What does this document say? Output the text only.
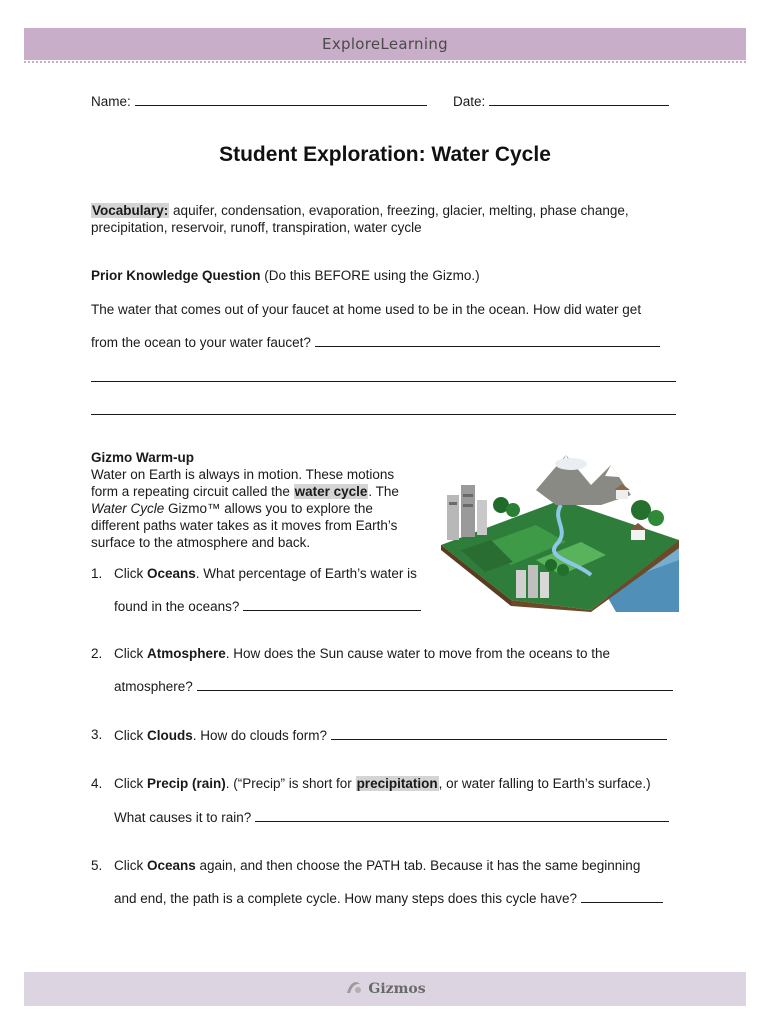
ExploreLearning
Name:	Date:
Student Exploration: Water Cycle

Vocabulary: aquifer, condensation, evaporation, freezing, glacier, melting, phase change,

precipitation, reservoir, runoff, transpiration, water cycle

Prior Knowledge Question (Do this BEFORE using the Gizmo.)
The water that comes out of your faucet at home used to be in the ocean. How did water get
from the ocean to your water faucet?

Gizmo Warm-up

Water on Earth is always in motion. These motions

form a repeating circuit called the water cycle. The

Water Cycle Gizmo™ allows you to explore the

different paths water takes as it moves from Earth’s

surface to the atmosphere and back.

1. Click Oceans. What percentage of Earth’s water is
found in the oceans?
2. Click Atmosphere. How does the Sun cause water to move from the oceans to the
atmosphere?
3. Click Clouds. How do clouds form?
4. Click Precip (rain). (“Precip” is short for precipitation, or water falling to Earth’s surface.)
What causes it to rain?
5. Click Oceans again, and then choose the PATH tab. Because it has the same beginning
and end, the path is a complete cycle. How many steps does this cycle have?
Gizmos
